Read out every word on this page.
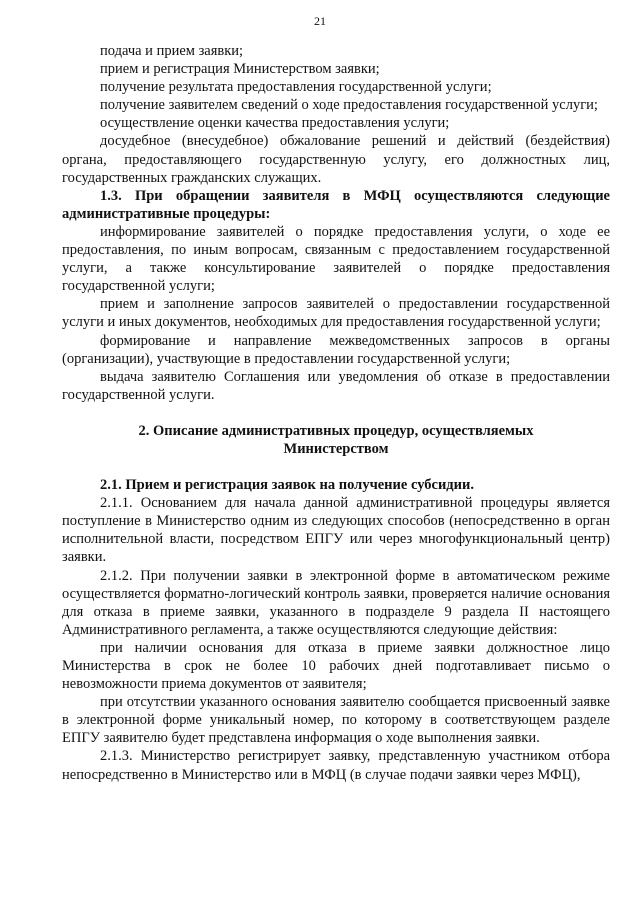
21

подача и прием заявки;

прием и регистрация Министерством заявки;

получение результата предоставления государственной услуги;

получение заявителем сведений о ходе предоставления государственной услуги;

осуществление оценки качества предоставления услуги;

досудебное (внесудебное) обжалование решений и действий (бездействия) органа, предоставляющего государственную услугу, его должностных лиц, государственных гражданских служащих.

1.3. При обращении заявителя в МФЦ осуществляются следующие административные процедуры:

информирование заявителей о порядке предоставления услуги, о ходе ее предоставления, по иным вопросам, связанным с предоставлением государственной услуги, а также консультирование заявителей о порядке предоставления государственной услуги;

прием и заполнение запросов заявителей о предоставлении государственной услуги и иных документов, необходимых для предоставления государственной услуги;

формирование и направление межведомственных запросов в органы (организации), участвующие в предоставлении государственной услуги;

выдача заявителю Соглашения или уведомления об отказе в предоставлении государственной услуги.

2. Описание административных процедур, осуществляемых

Министерством

2.1. Прием и регистрация заявок на получение субсидии.

2.1.1. Основанием для начала данной административной процедуры является поступление в Министерство одним из следующих способов (непосредственно в орган исполнительной власти, посредством ЕПГУ или через многофункциональный центр) заявки.

2.1.2. При получении заявки в электронной форме в автоматическом режиме осуществляется форматно-логический контроль заявки, проверяется наличие основания для отказа в приеме заявки, указанного в подразделе 9 раздела II настоящего Административного регламента, а также осуществляются следующие действия:

при наличии основания для отказа в приеме заявки должностное лицо Министерства в срок не более 10 рабочих дней подготавливает письмо о невозможности приема документов от заявителя;

при отсутствии указанного основания заявителю сообщается присвоенный заявке в электронной форме уникальный номер, по которому в соответствующем разделе ЕПГУ заявителю будет представлена информация о ходе выполнения заявки.

2.1.3. Министерство регистрирует заявку, представленную участником отбора непосредственно в Министерство или в МФЦ (в случае подачи заявки через МФЦ),
